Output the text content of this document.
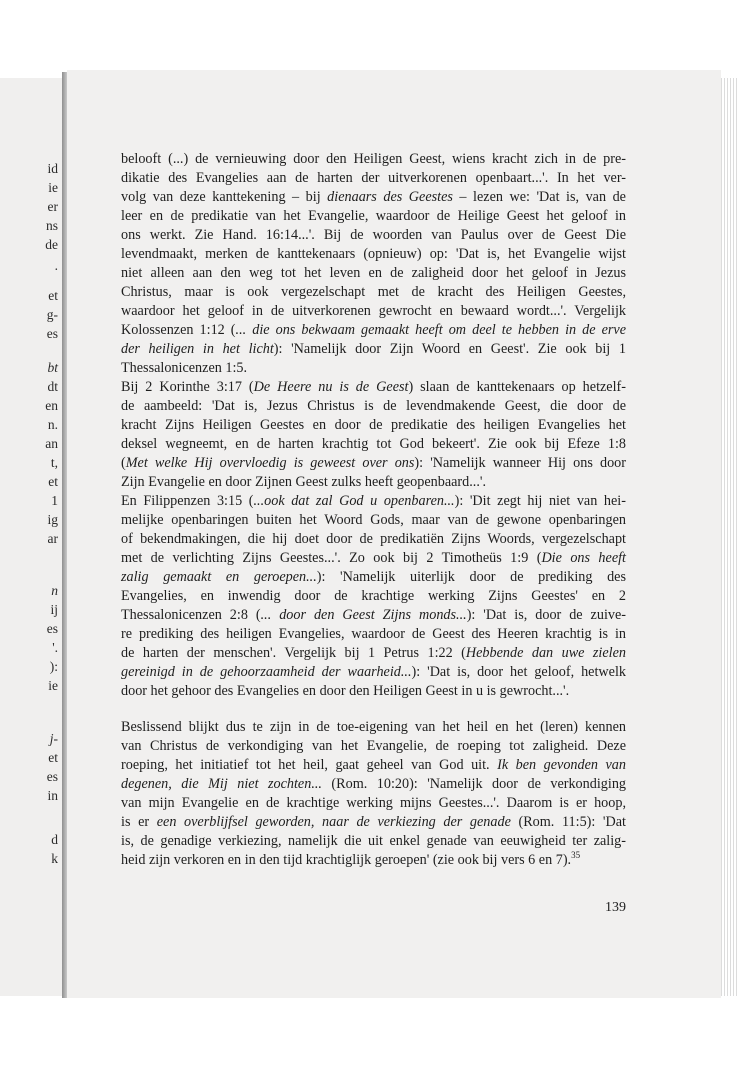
id
ie
er
ns
de
.
et
g-
es
bt
dt
en
n.
an
t,
et
1
ig
ar
n
ij
es
'.
):
ie
j-
et
es
in
d
k
belooft (...) de vernieuwing door den Heiligen Geest, wiens kracht zich in de pre-
dikatie des Evangelies aan de harten der uitverkorenen openbaart...'. In het ver-
volg van deze kanttekening – bij dienaars des Geestes – lezen we: 'Dat is, van de
leer en de predikatie van het Evangelie, waardoor de Heilige Geest het geloof in
ons werkt. Zie Hand. 16:14...'. Bij de woorden van Paulus over de Geest Die
levendmaakt, merken de kanttekenaars (opnieuw) op: 'Dat is, het Evangelie wijst
niet alleen aan den weg tot het leven en de zaligheid door het geloof in Jezus
Christus, maar is ook vergezelschapt met de kracht des Heiligen Geestes,
waardoor het geloof in de uitverkorenen gewrocht en bewaard wordt...'. Vergelijk
Kolossenzen 1:12 (... die ons bekwaam gemaakt heeft om deel te hebben in de erve
der heiligen in het licht): 'Namelijk door Zijn Woord en Geest'. Zie ook bij 1
Thessalonicenzen 1:5.
Bij 2 Korinthe 3:17 (De Heere nu is de Geest) slaan de kanttekenaars op hetzelf-
de aambeeld: 'Dat is, Jezus Christus is de levendmakende Geest, die door de
kracht Zijns Heiligen Geestes en door de predikatie des heiligen Evangelies het
deksel wegneemt, en de harten krachtig tot God bekeert'. Zie ook bij Efeze 1:8
(Met welke Hij overvloedig is geweest over ons): 'Namelijk wanneer Hij ons door
Zijn Evangelie en door Zijnen Geest zulks heeft geopenbaard...'.
En Filippenzen 3:15 (...ook dat zal God u openbaren...): 'Dit zegt hij niet van hei-
melijke openbaringen buiten het Woord Gods, maar van de gewone openbaringen
of bekendmakingen, die hij doet door de predikatiën Zijns Woords, vergezelschapt
met de verlichting Zijns Geestes...'. Zo ook bij 2 Timotheüs 1:9 (Die ons heeft
zalig gemaakt en geroepen...): 'Namelijk uiterlijk door de prediking des
Evangelies, en inwendig door de krachtige werking Zijns Geestes' en 2
Thessalonicenzen 2:8 (... door den Geest Zijns monds...): 'Dat is, door de zuive-
re prediking des heiligen Evangelies, waardoor de Geest des Heeren krachtig is in
de harten der menschen'. Vergelijk bij 1 Petrus 1:22 (Hebbende dan uwe zielen
gereinigd in de gehoorzaamheid der waarheid...): 'Dat is, door het geloof, hetwelk
door het gehoor des Evangelies en door den Heiligen Geest in u is gewrocht...'.
Beslissend blijkt dus te zijn in de toe-eigening van het heil en het (leren) kennen
van Christus de verkondiging van het Evangelie, de roeping tot zaligheid. Deze
roeping, het initiatief tot het heil, gaat geheel van God uit. Ik ben gevonden van
degenen, die Mij niet zochten... (Rom. 10:20): 'Namelijk door de verkondiging
van mijn Evangelie en de krachtige werking mijns Geestes...'. Daarom is er hoop,
is er een overblijfsel geworden, naar de verkiezing der genade (Rom. 11:5): 'Dat
is, de genadige verkiezing, namelijk die uit enkel genade van eeuwigheid ter zalig-
heid zijn verkoren en in den tijd krachtiglijk geroepen' (zie ook bij vers 6 en 7).$^{35}$
139
